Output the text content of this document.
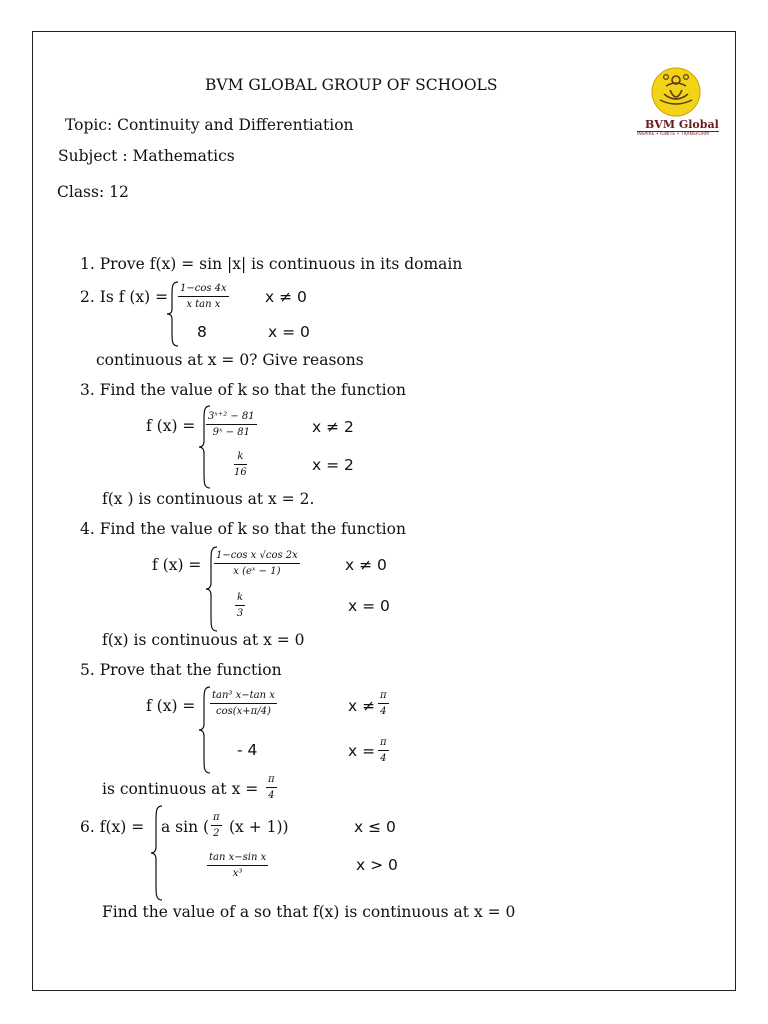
BVM GLOBAL GROUP OF SCHOOLS
Topic: Continuity and Differentiation
Subject : Mathematics
Class: 12
BVM Global
INSPIRE • IGNITE • TRANSFORM
1. Prove f(x) = sin |x| is continuous in its domain
2. Is f $(x) = \frac{1-\cos 4x}{\text{x tan x}}$ x ≠ 0
8	x = 0
continuous at x = 0? Give reasons
3. Find the value of k so that the function
f $(x) = \frac{\text{3ˣ⁺² − 81}}{\text{9ˣ − 81}}$	x ≠ 2
$\frac{k}{16}$	x = 2
f(x ) is continuous at x = 2.
4. Find the value of k so that the function
f $(x) = \frac{\text{1−cos x √cos 2x}}{\text{x (eˣ − 1)}}$	x ≠ 0
$\frac{k}{3}$	x = 0
f(x) is continuous at x = 0
5. Prove that the function
f $(x) = \frac{\text{tan³ x−tan x}}{\cos(x+\pi/4)}$	$x \ne \frac{\pi}{4}$
- 4	$x = \frac{\pi}{4}$
is continuous at $x = \frac{\pi}{4}$
6. f(x) = a sin ( $\frac{\pi}{2} (x + 1)$)	x ≤ 0
$\frac{\text{tan x−sin x}}{\text{x³}}$	x > 0
Find the value of a so that f(x) is continuous at x = 0
